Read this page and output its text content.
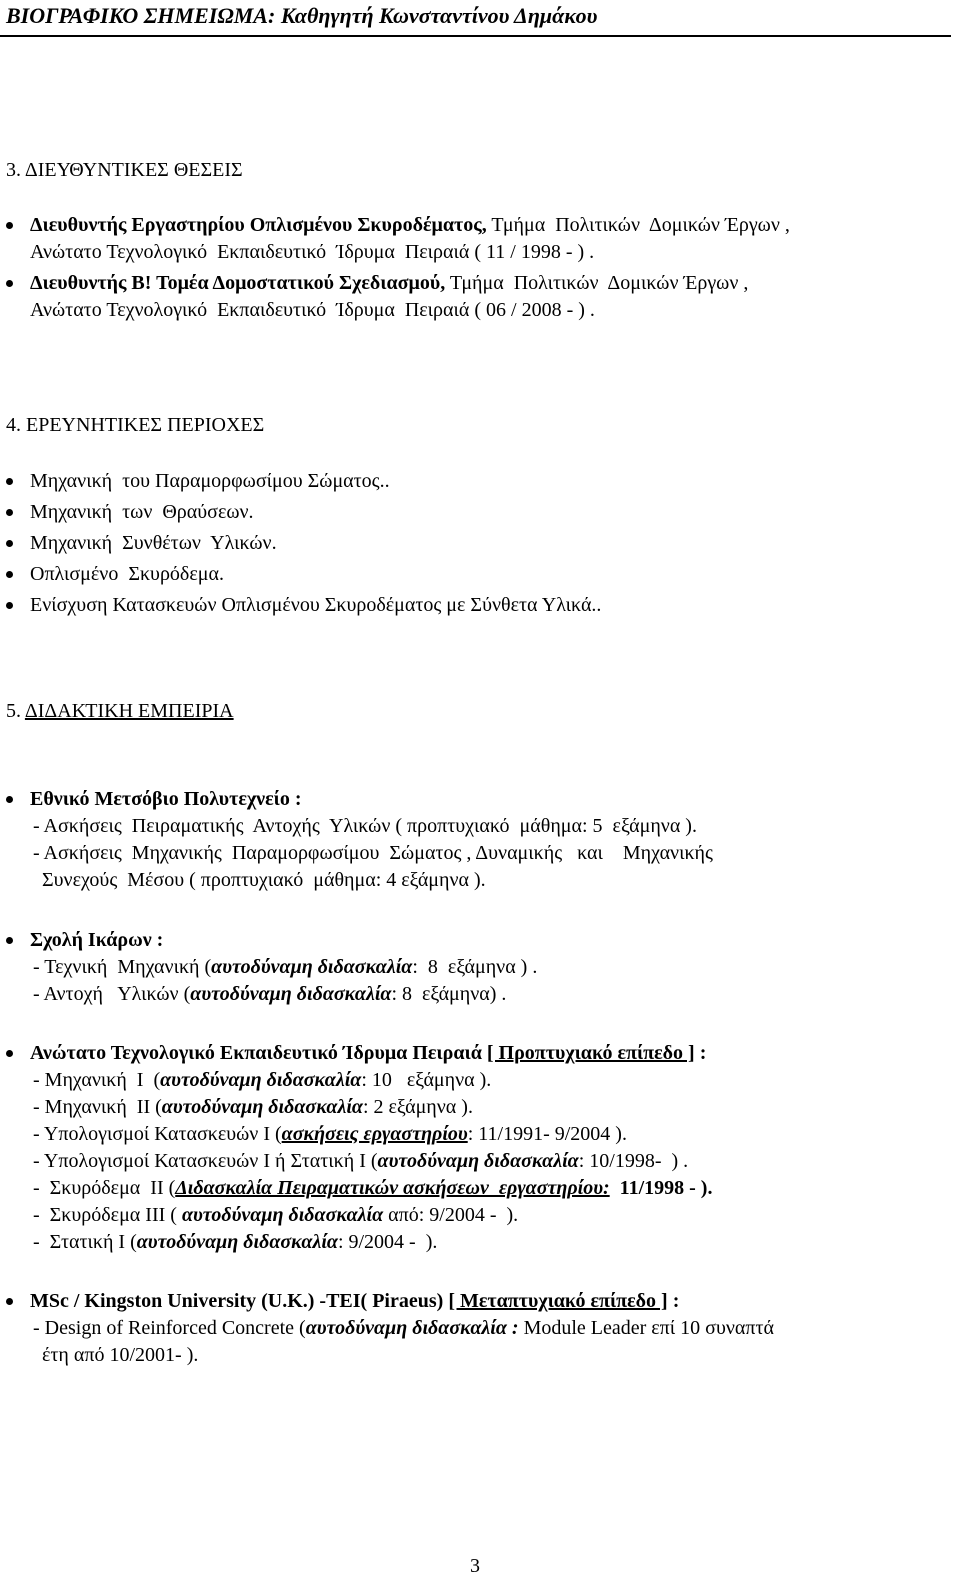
ΒΙΟΓΡΑΦΙΚΟ ΣΗΜΕΙΩΜΑ: Καθηγητή Κωνσταντίνου Δημάκου

3. ΔΙΕΥΘΥΝΤΙΚΕΣ ΘΕΣΕΙΣ
Διευθυντής Εργαστηρίου Οπλισμένου Σκυροδέματος, Τμήμα  Πολιτικών  Δομικών Έργων ,
Ανώτατο Τεχνολογικό  Εκπαιδευτικό  Ίδρυμα  Πειραιά ( 11 / 1998 - ) .
Διευθυντής Β! Τομέα Δομοστατικού Σχεδιασμού, Τμήμα  Πολιτικών  Δομικών Έργων ,
Ανώτατο Τεχνολογικό  Εκπαιδευτικό  Ίδρυμα  Πειραιά ( 06 / 2008 - ) .
4. ΕΡΕΥΝΗΤΙΚΕΣ ΠΕΡΙΟΧΕΣ
Μηχανική  του Παραμορφωσίμου Σώματος..
Μηχανική  των  Θραύσεων.
Μηχανική  Συνθέτων  Υλικών.
Οπλισμένο  Σκυρόδεμα.
Ενίσχυση Κατασκευών Οπλισμένου Σκυροδέματος με Σύνθετα Υλικά..
5. ΔΙΔΑΚΤΙΚΗ ΕΜΠΕΙΡΙΑ
Εθνικό Μετσόβιο Πολυτεχνείο :
- Ασκήσεις  Πειραματικής  Αντοχής  Υλικών ( προπτυχιακό  μάθημα: 5  εξάμηνα ).
- Ασκήσεις  Μηχανικής  Παραμορφωσίμου  Σώματος , Δυναμικής   και    Μηχανικής
Συνεχούς  Μέσου ( προπτυχιακό  μάθημα: 4 εξάμηνα ).
Σχολή Ικάρων :
- Τεχνική  Μηχανική (αυτοδύναμη διδασκαλία:  8  εξάμηνα ) .
- Αντοχή   Υλικών (αυτοδύναμη διδασκαλία: 8  εξάμηνα) .
Ανώτατο Τεχνολογικό Εκπαιδευτικό Ίδρυμα Πειραιά [ Προπτυχιακό επίπεδο ] :
- Μηχανική  Ι  (αυτοδύναμη διδασκαλία: 10   εξάμηνα ).
- Μηχανική  ΙΙ (αυτοδύναμη διδασκαλία: 2 εξάμηνα ).
- Υπολογισμοί Κατασκευών Ι (ασκήσεις εργαστηρίου: 11/1991- 9/2004 ).
- Υπολογισμοί Κατασκευών Ι ή Στατική Ι (αυτοδύναμη διδασκαλία: 10/1998-  ) .
-  Σκυρόδεμα  ΙΙ (Διδασκαλία Πειραματικών ασκήσεων  εργαστηρίου:  11/1998 - ).
-  Σκυρόδεμα ΙΙΙ ( αυτοδύναμη διδασκαλία από: 9/2004 -  ).
-  Στατική Ι (αυτοδύναμη διδασκαλία: 9/2004 -  ).
MSc / Kingston University (U.K.) -TEI( Piraeus) [ Μεταπτυχιακό επίπεδο ] :
- Design of Reinforced Concrete (αυτοδύναμη διδασκαλία : Module Leader επί 10 συναπτά
έτη από 10/2001- ).
3
